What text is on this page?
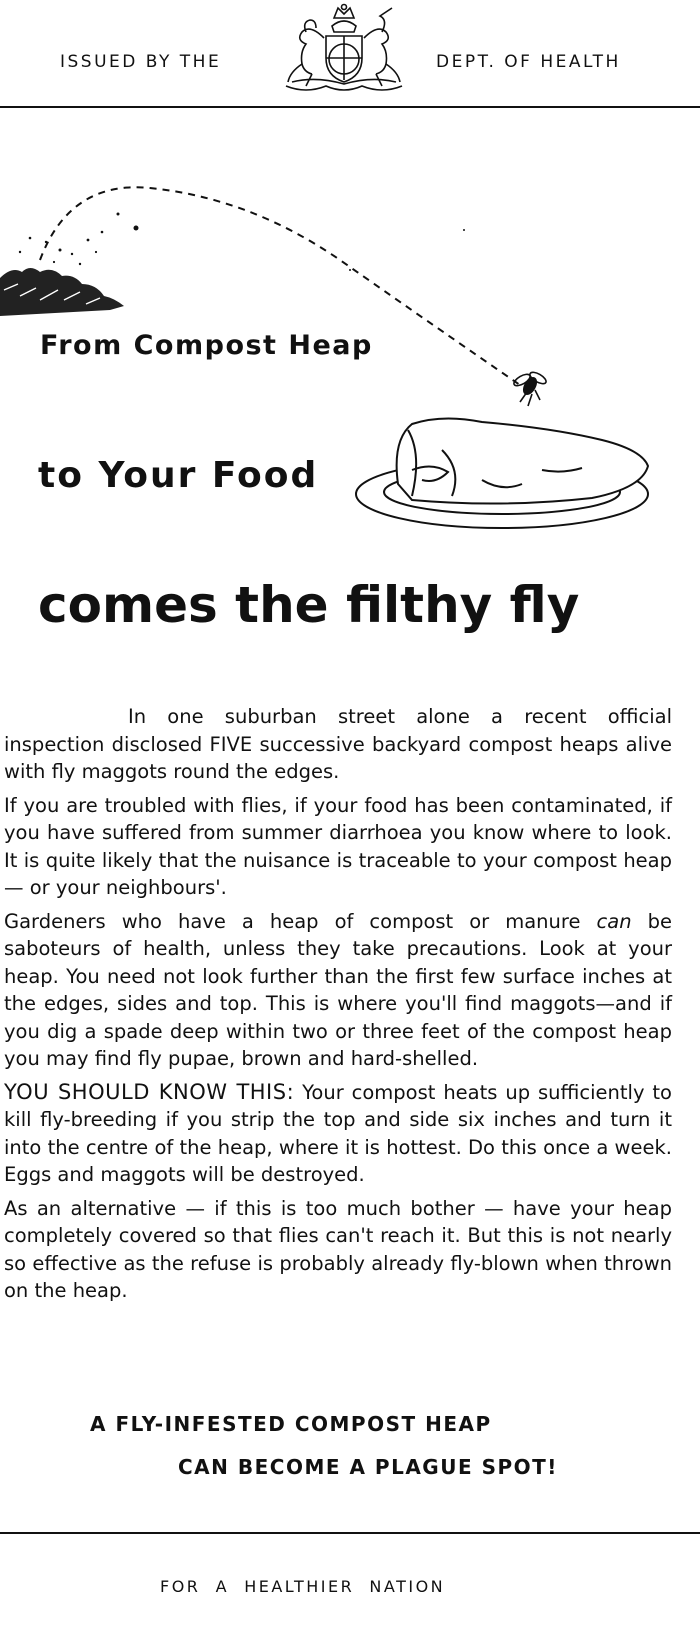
ISSUED BY THE	DEPT. OF HEALTH
From Compost Heap
to Your Food
comes the filthy fly

In one suburban street alone a recent official inspection disclosed FIVE successive backyard compost heaps alive with fly maggots round the edges.

If you are troubled with flies, if your food has been contaminated, if you have suffered from summer diarrhoea you know where to look. It is quite likely that the nuisance is traceable to your compost heap — or your neighbours'.

Gardeners who have a heap of compost or manure can be saboteurs of health, unless they take precautions. Look at your heap. You need not look further than the first few surface inches at the edges, sides and top. This is where you'll find maggots—and if you dig a spade deep within two or three feet of the compost heap you may find fly pupae, brown and hard-shelled.

YOU SHOULD KNOW THIS: Your compost heats up sufficiently to kill fly-breeding if you strip the top and side six inches and turn it into the centre of the heap, where it is hottest. Do this once a week. Eggs and maggots will be destroyed.

As an alternative — if this is too much bother — have your heap completely covered so that flies can't reach it. But this is not nearly so effective as the refuse is probably already fly-blown when thrown on the heap.

A FLY-INFESTED COMPOST HEAP
CAN BECOME A PLAGUE SPOT!
FOR  A  HEALTHIER  NATION
